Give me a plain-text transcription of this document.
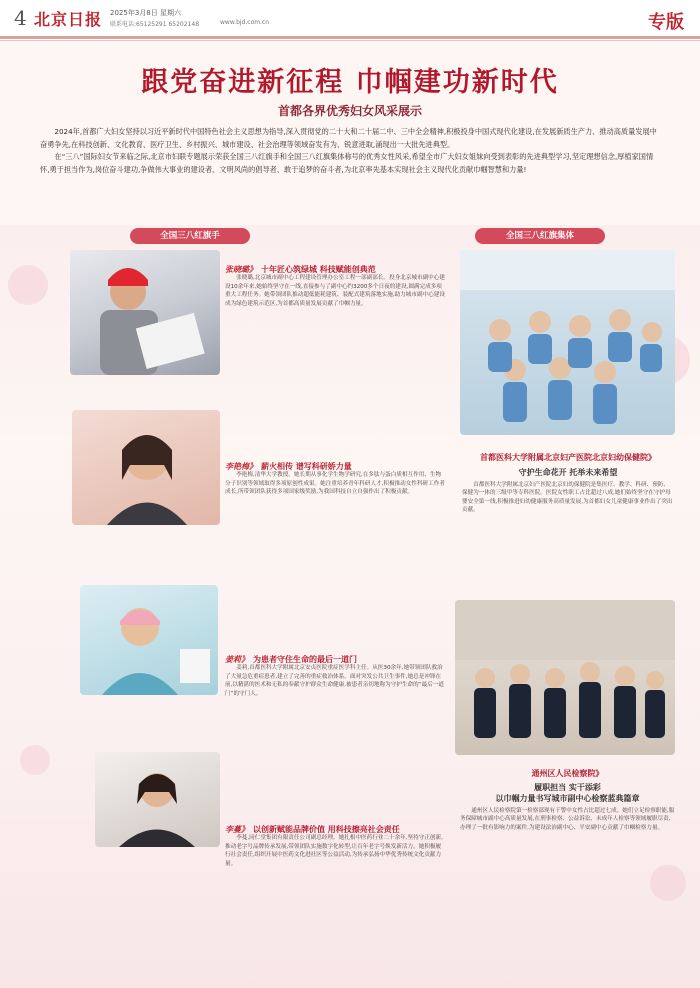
4 北京日报 2025年3月8日 星期六
联系电话:65125291 65202148	www.bjd.com.cn	专版
跟党奋进新征程 巾帼建功新时代
首都各界优秀妇女风采展示

2024年,首都广大妇女坚持以习近平新时代中国特色社会主义思想为指导,深入贯彻党的二十大和二十届二中、三中全会精神,积极投身中国式现代化建设,在发展新质生产力、推动高质量发展中奋勇争先,在科技创新、文化教育、医疗卫生、乡村振兴、城市建设、社会治理等领域奋发有为、锐意进取,涌现出一大批先进典型。

在“三八”国际妇女节来临之际,北京市妇联专题展示荣获全国三八红旗手和全国三八红旗集体称号的优秀女性风采,希望全市广大妇女姐妹向受到表彰的先进典型学习,坚定理想信念,厚植家国情怀,勇于担当作为,岗位奋斗建功,争做伟大事业的建设者、文明风尚的倡导者、敢于追梦的奋斗者,为北京率先基本实现社会主义现代化贡献巾帼智慧和力量!

全国三八红旗手	全国三八红旗集体
张晓璐》 十年匠心筑绿城 科技赋能创典范

张晓璐,北京城市副中心工程建设管理办公室工程一部副部长。投身北京城市副中心建设10余年来,她始终坚守在一线,直接参与了副中心约3200多个日夜的建设,圆满完成多项重大工程任务。她带领团队推动超低能耗建筑、装配式建筑落地实施,助力城市副中心建设成为绿色建筑示范区,为首都高质量发展贡献了巾帼力量。

李艳梅》 薪火相传 谱写科研娇力量

李艳梅,清华大学教授。她长期从事化学生物学研究,在多肽与蛋白质相互作用、生物分子识别等领域取得多项原创性成果。她注重培养青年科研人才,积极推动女性科研工作者成长,所带领团队获得多项国家级奖励,为我国科技自立自强作出了积极贡献。

姜莉》 为患者守住生命的最后一道门

姜莉,首都医科大学附属北京安贞医院重症医学科主任。从医30余年,她带领团队救治了大量急危重症患者,建立了完善的重症救治体系。面对突发公共卫生事件,她总是冲锋在前,以精湛的医术和无私的奉献守护群众生命健康,被患者亲切地称为守护生命的“最后一道门”的守门人。

李蔓》 以创新赋能品牌价值 用科技擦亮社会责任

李蔓,同仁堂集团有限责任公司副总经理。她扎根中医药行业二十余年,坚持守正创新,推动老字号品牌传承发展,带领团队实施数字化转型,让百年老字号焕发新活力。她积极履行社会责任,组织开展中医药文化进社区等公益活动,为传承弘扬中华优秀传统文化贡献力量。

首都医科大学附属北京妇产医院北京妇幼保健院》
守护生命花开 托举未来希望

首都医科大学附属北京妇产医院北京妇幼保健院是集医疗、教学、科研、预防、保健为一体的三级甲等专科医院。医院女性职工占比超过八成,她们始终坚守在守护母婴安全第一线,积极推进妇幼健康服务高质量发展,为首都妇女儿童健康事业作出了突出贡献。

通州区人民检察院》
履职担当 实干添彩
以巾帼力量书写城市副中心检察蓝典篇章

通州区人民检察院第一检察部现有干警中女性占比超过七成。她们立足检察职能,服务保障城市副中心高质量发展,在刑事检察、公益诉讼、未成年人检察等领域履职尽责,办理了一批有影响力的案件,为建设法治副中心、平安副中心贡献了巾帼检察力量。
